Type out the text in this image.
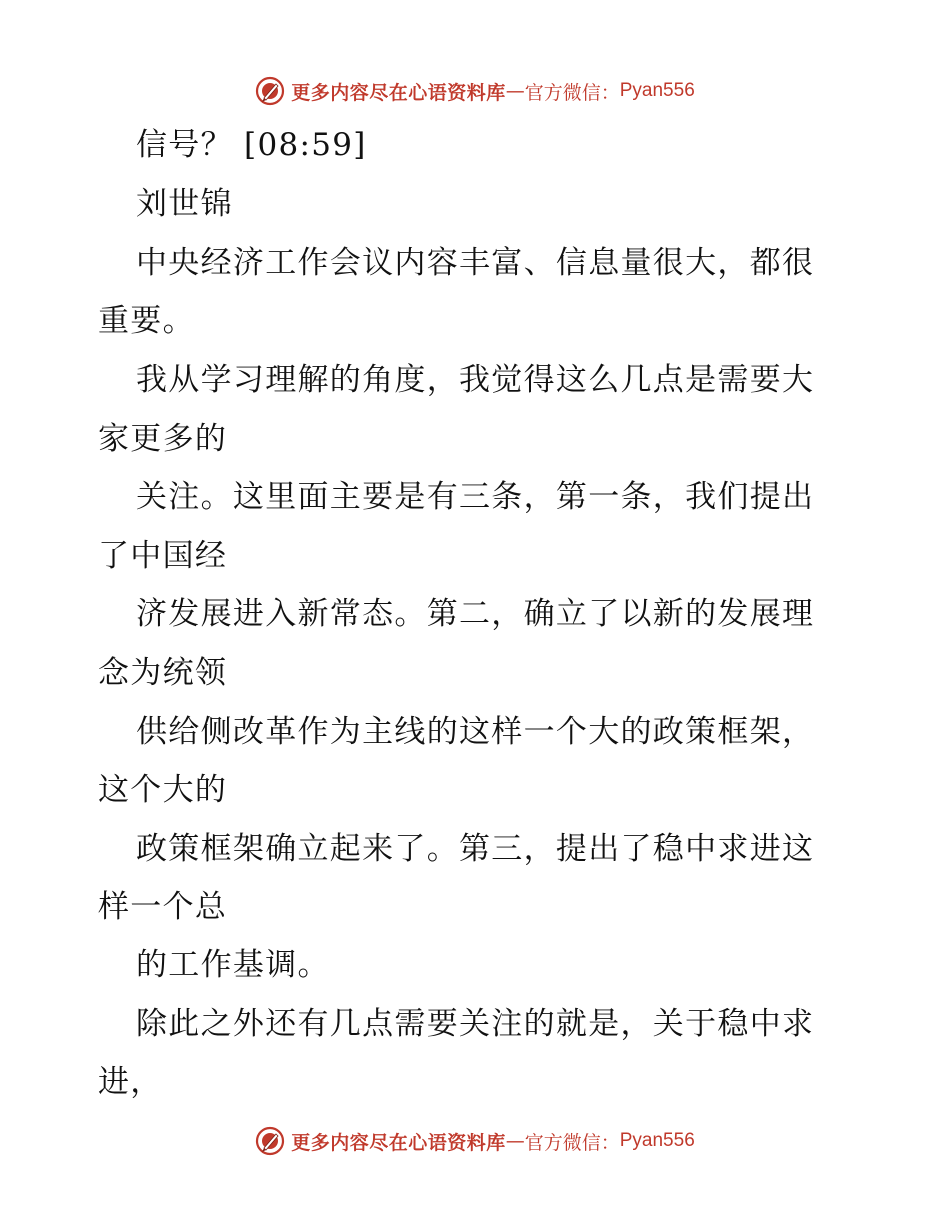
更多内容尽在心语资料库 — 官方微信： Pyan556
信号？ [08:59]
刘世锦
中央经济工作会议内容丰富、信息量很大，都很
重要。
我从学习理解的角度，我觉得这么几点是需要大
家更多的
关注。这里面主要是有三条，第一条，我们提出
了中国经
济发展进入新常态。第二，确立了以新的发展理
念为统领
供给侧改革作为主线的这样一个大的政策框架，
这个大的
政策框架确立起来了。第三，提出了稳中求进这
样一个总
的工作基调。
除此之外还有几点需要关注的就是，关于稳中求
进，
更多内容尽在心语资料库 — 官方微信： Pyan556
